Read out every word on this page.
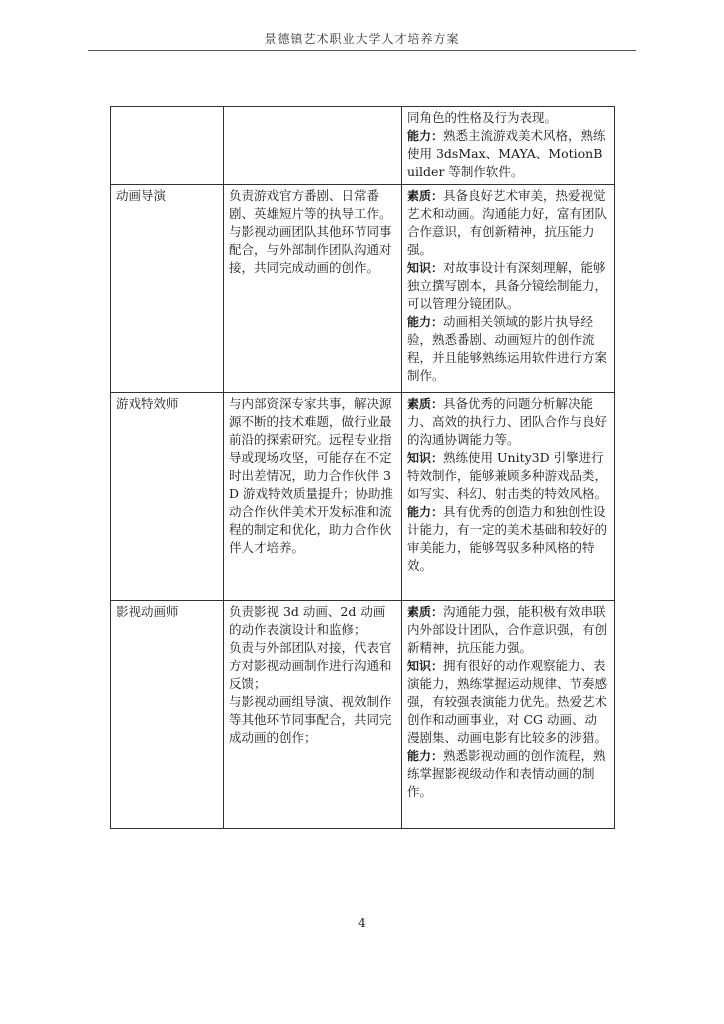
景德镇艺术职业大学人才培养方案

		同角色的性格及行为表现。
能力：熟悉主流游戏美术风格，熟练使用 3dsMax、MAYA、MotionBuilder 等制作软件。
动画导演	负责游戏官方番剧、日常番剧、英雄短片等的执导工作。与影视动画团队其他环节同事配合，与外部制作团队沟通对接，共同完成动画的创作。	素质：具备良好艺术审美，热爱视觉艺术和动画。沟通能力好，富有团队合作意识，有创新精神，抗压能力强。
知识：对故事设计有深刻理解，能够独立撰写剧本，具备分镜绘制能力，可以管理分镜团队。
能力：动画相关领域的影片执导经验，熟悉番剧、动画短片的创作流程，并且能够熟练运用软件进行方案制作。

游戏特效师	与内部资深专家共事，解决源源不断的技术难题，做行业最前沿的探索研究。远程专业指导或现场攻坚，可能存在不定时出差情况，助力合作伙伴 3D 游戏特效质量提升；协助推动合作伙伴美术开发标准和流程的制定和优化，助力合作伙伴人才培养。	素质：具备优秀的问题分析解决能力、高效的执行力、团队合作与良好的沟通协调能力等。
知识：熟练使用 Unity3D 引擎进行特效制作，能够兼顾多种游戏品类，如写实、科幻、射击类的特效风格。
能力：具有优秀的创造力和独创性设计能力，有一定的美术基础和较好的审美能力，能够驾驭多种风格的特效。

影视动画师	负责影视 3d 动画、2d 动画的动作表演设计和监修；
负责与外部团队对接，代表官方对影视动画制作进行沟通和反馈；
与影视动画组导演、视效制作等其他环节同事配合，共同完成动画的创作；	素质：沟通能力强，能积极有效串联内外部设计团队，合作意识强，有创新精神，抗压能力强。
知识：拥有很好的动作观察能力、表演能力，熟练掌握运动规律、节奏感强，有较强表演能力优先。热爱艺术创作和动画事业，对 CG 动画、动漫剧集、动画电影有比较多的涉猎。
能力：熟悉影视动画的创作流程，熟练掌握影视级动作和表情动画的制作。
4
